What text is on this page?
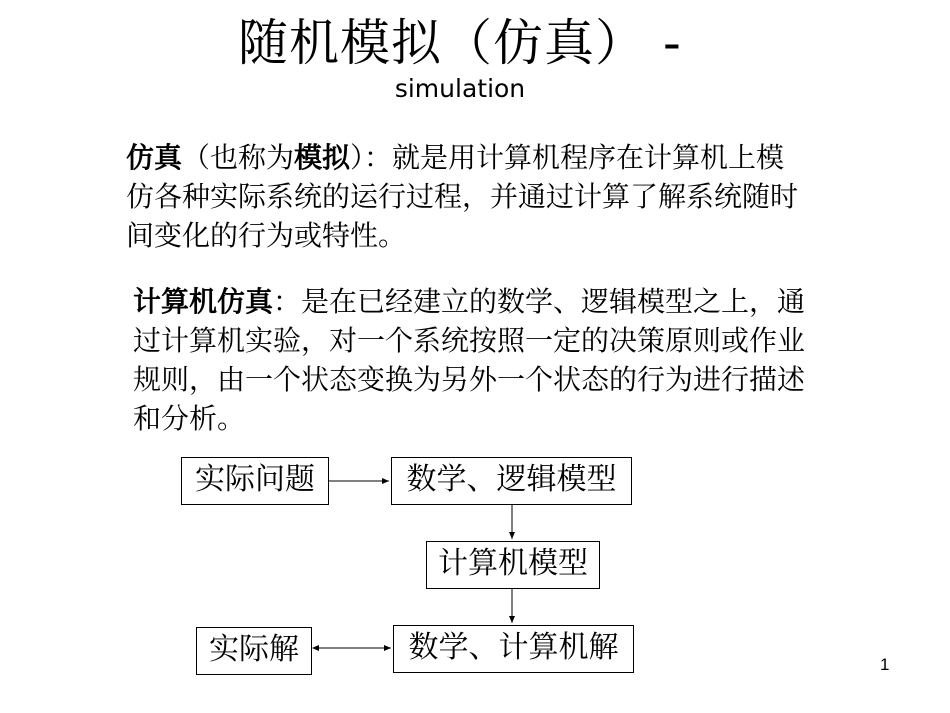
随机模拟（仿真） -
simulation
仿真（也称为模拟）：就是用计算机程序在计算机上模
仿各种实际系统的运行过程，并通过计算了解系统随时
间变化的行为或特性。
计算机仿真：是在已经建立的数学、逻辑模型之上，通
过计算机实验，对一个系统按照一定的决策原则或作业
规则，由一个状态变换为另外一个状态的行为进行描述
和分析。
实际问题	数学、逻辑模型
计算机模型
实际解	数学、计算机解	1
